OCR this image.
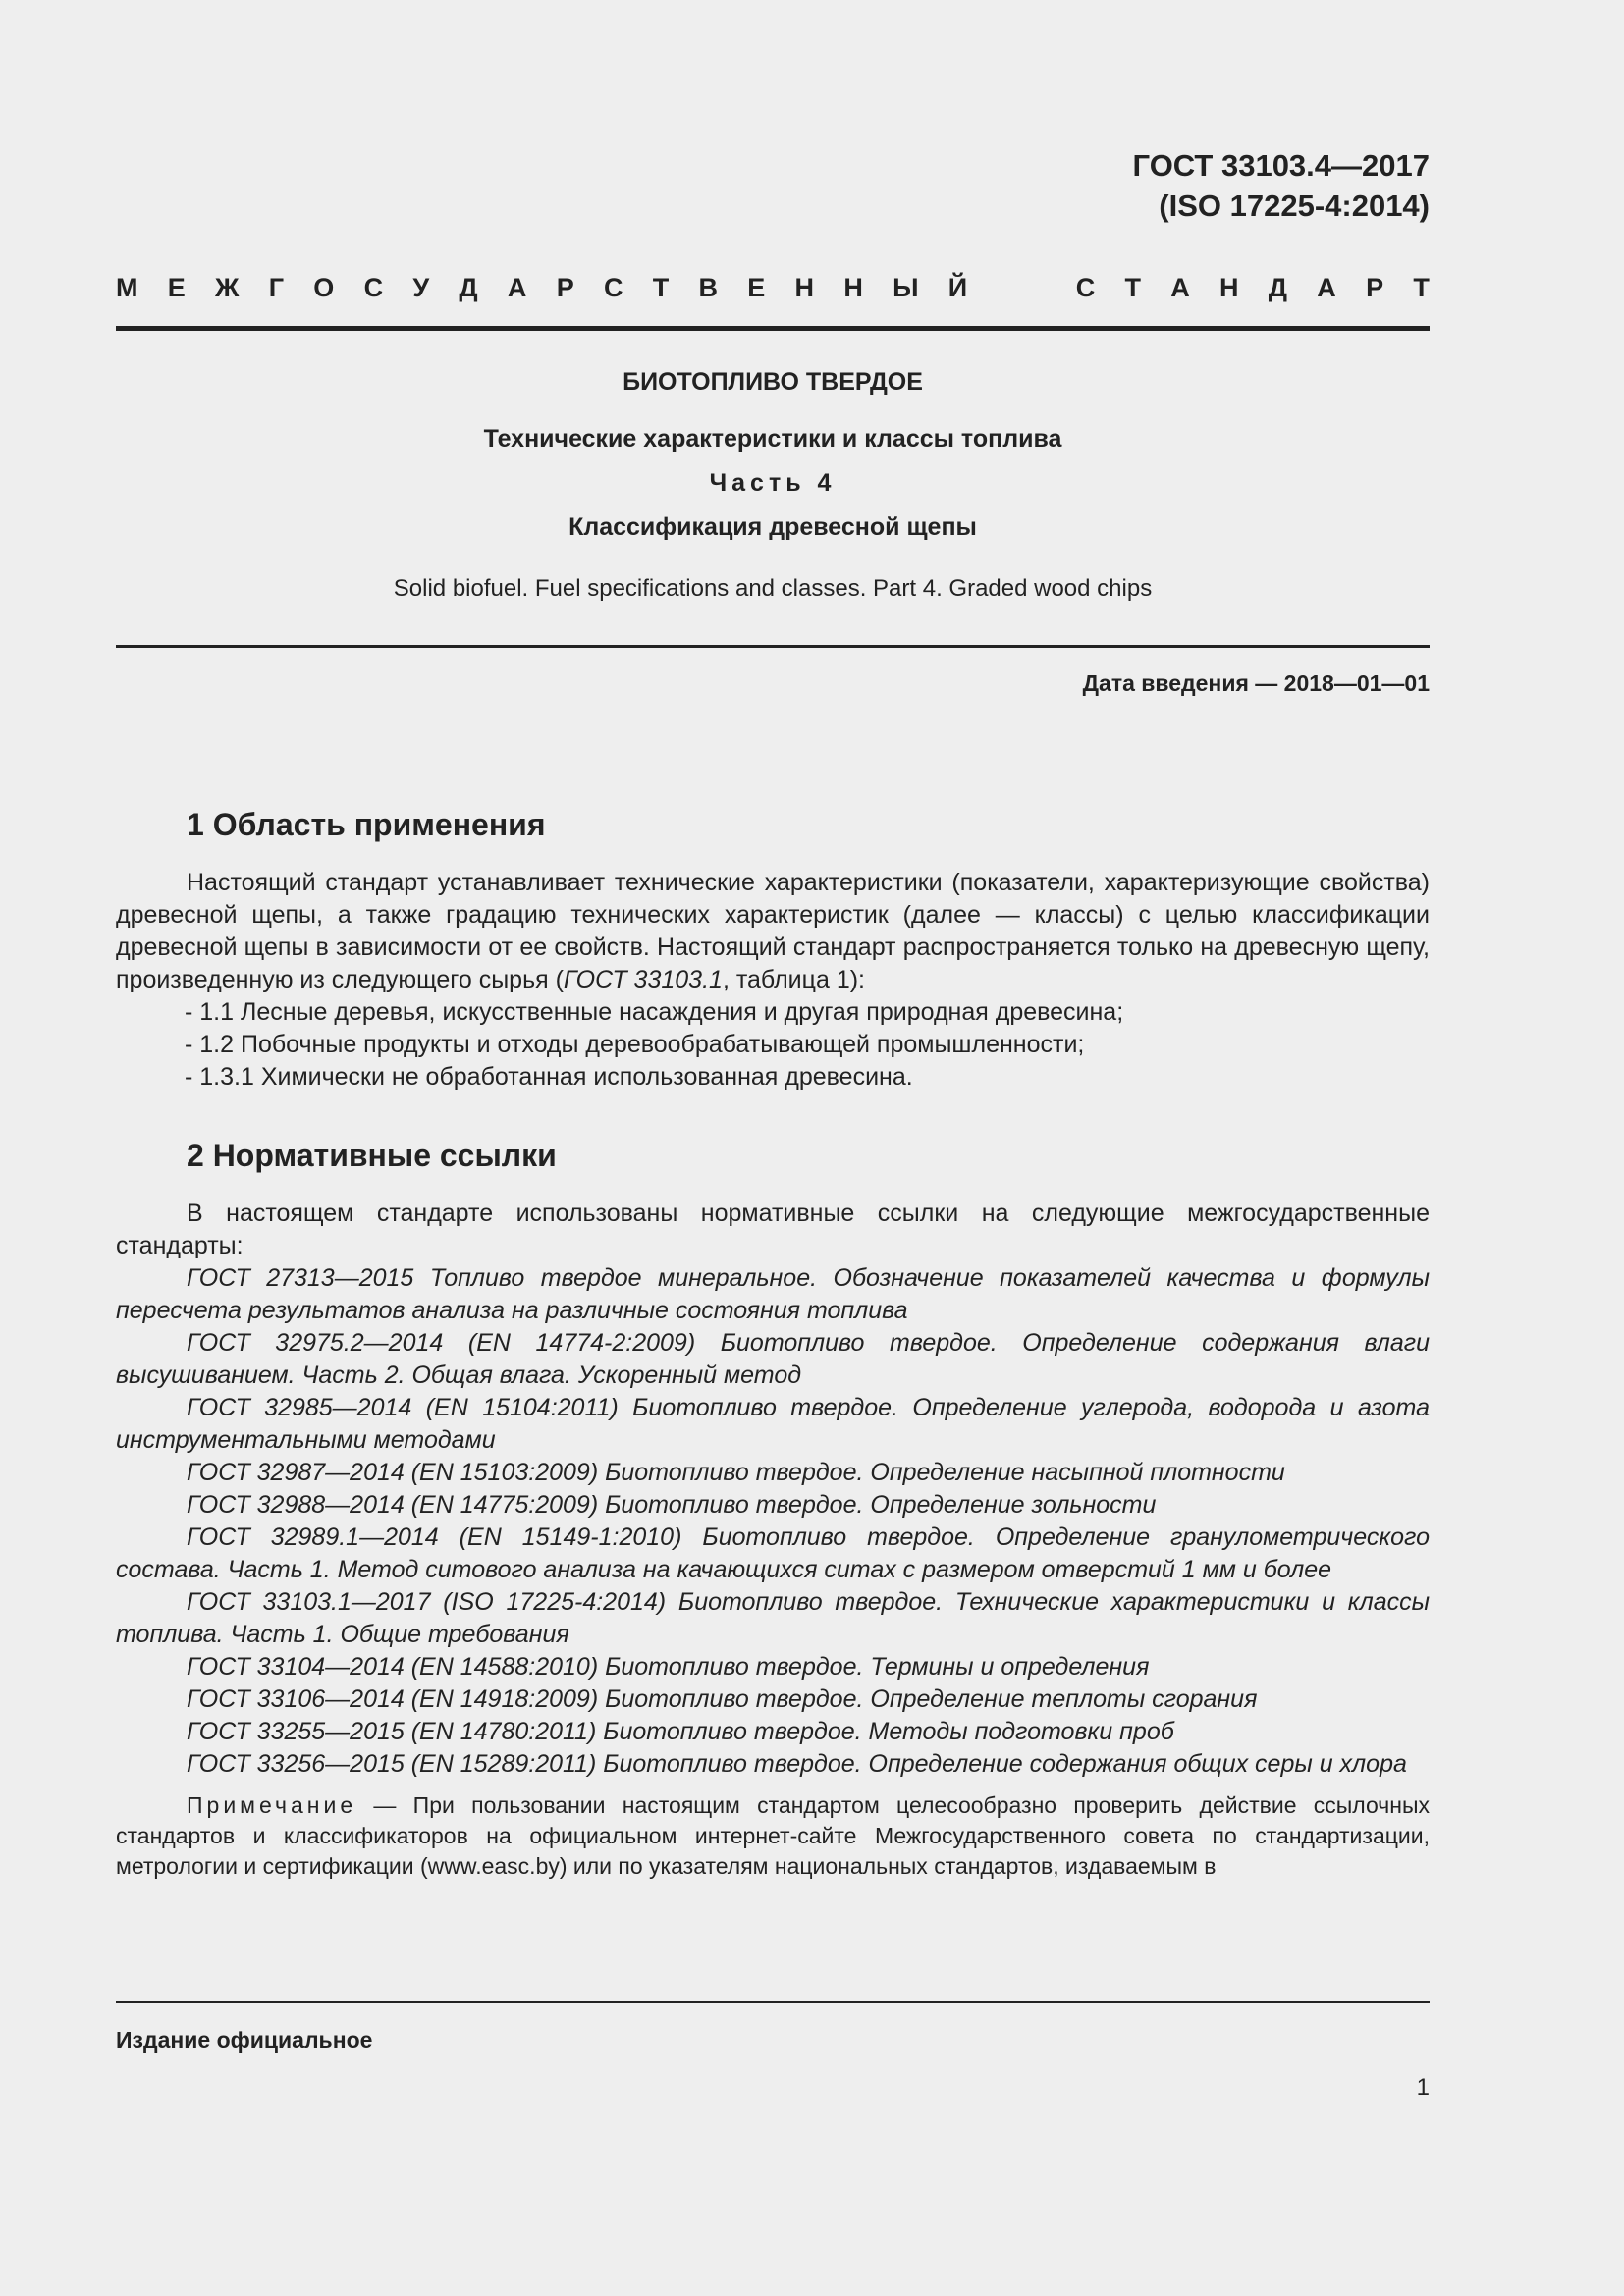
ГОСТ 33103.4—2017
(ISO 17225-4:2014)
М Е Ж Г О С У Д А Р С Т В Е Н Н Ы Й	С Т А Н Д А Р Т
БИОТОПЛИВО ТВЕРДОЕ
Технические характеристики и классы топлива
Часть 4
Классификация древесной щепы
Solid biofuel. Fuel specifications and classes. Part 4. Graded wood chips
Дата введения — 2018—01—01
1 Область применения

Настоящий стандарт устанавливает технические характеристики (показатели, характеризующие свойства) древесной щепы, а также градацию технических характеристик (далее — классы) с целью классификации древесной щепы в зависимости от ее свойств. Настоящий стандарт распространяется только на древесную щепу, произведенную из следующего сырья (ГОСТ 33103.1, таблица 1):

- 1.1 Лесные деревья, искусственные насаждения и другая природная древесина;

- 1.2 Побочные продукты и отходы деревообрабатывающей промышленности;

- 1.3.1 Химически не обработанная использованная древесина.

2 Нормативные ссылки

В настоящем стандарте использованы нормативные ссылки на следующие межгосударственные стандарты:

ГОСТ 27313—2015 Топливо твердое минеральное. Обозначение показателей качества и формулы пересчета результатов анализа на различные состояния топлива

ГОСТ 32975.2—2014 (EN 14774-2:2009) Биотопливо твердое. Определение содержания влаги высушиванием. Часть 2. Общая влага. Ускоренный метод

ГОСТ 32985—2014 (EN 15104:2011) Биотопливо твердое. Определение углерода, водорода и азота инструментальными методами

ГОСТ 32987—2014 (EN 15103:2009) Биотопливо твердое. Определение насыпной плотности

ГОСТ 32988—2014 (EN 14775:2009) Биотопливо твердое. Определение зольности

ГОСТ 32989.1—2014 (EN 15149-1:2010) Биотопливо твердое. Определение гранулометрического состава. Часть 1. Метод ситового анализа на качающихся ситах с размером отверстий 1 мм и более

ГОСТ 33103.1—2017 (ISO 17225-4:2014) Биотопливо твердое. Технические характеристики и классы топлива. Часть 1. Общие требования

ГОСТ 33104—2014 (EN 14588:2010) Биотопливо твердое. Термины и определения

ГОСТ 33106—2014 (EN 14918:2009) Биотопливо твердое. Определение теплоты сгорания

ГОСТ 33255—2015 (EN 14780:2011) Биотопливо твердое. Методы подготовки проб

ГОСТ 33256—2015 (EN 15289:2011) Биотопливо твердое. Определение содержания общих серы и хлора

Примечание — При пользовании настоящим стандартом целесообразно проверить действие ссылочных стандартов и классификаторов на официальном интернет-сайте Межгосударственного совета по стандартизации, метрологии и сертификации (www.easc.by) или по указателям национальных стандартов, издаваемым в

Издание официальное
1
